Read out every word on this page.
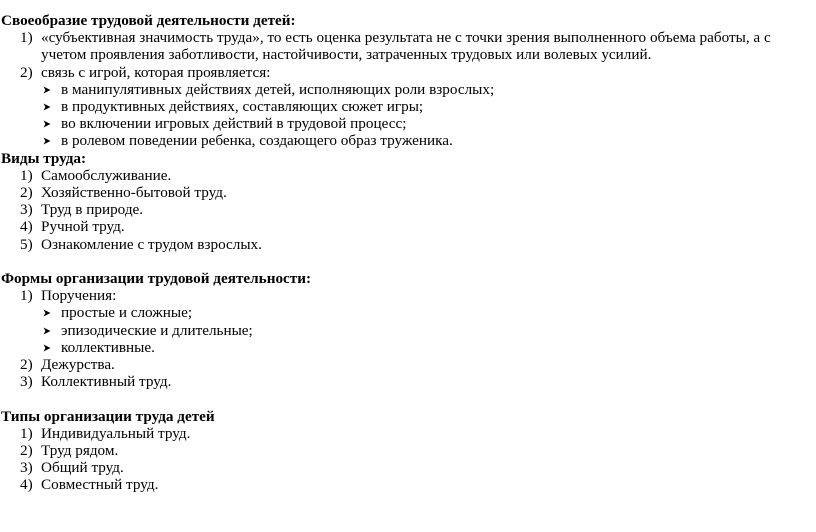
Своеобразие трудовой деятельности детей:

1) «субъективная значимость труда», то есть оценка результата не с точки зрения выполненного объема работы, а с учетом проявления заботливости, настойчивости, затраченных трудовых или волевых усилий.

2) связь с игрой, которая проявляется:

в манипулятивных действиях детей, исполняющих роли взрослых;

в продуктивных действиях, составляющих сюжет игры;

во включении игровых действий в трудовой процесс;

в ролевом поведении ребенка, создающего образ труженика.

Виды труда:

1) Самообслуживание.

2) Хозяйственно-бытовой труд.

3) Труд в природе.

4) Ручной труд.

5) Ознакомление с трудом взрослых.

Формы организации трудовой деятельности:

1) Поручения:

простые и сложные;

эпизодические и длительные;

коллективные.

2) Дежурства.

3) Коллективный труд.

Типы организации труда детей

1) Индивидуальный труд.

2) Труд рядом.

3) Общий труд.

4) Совместный труд.
